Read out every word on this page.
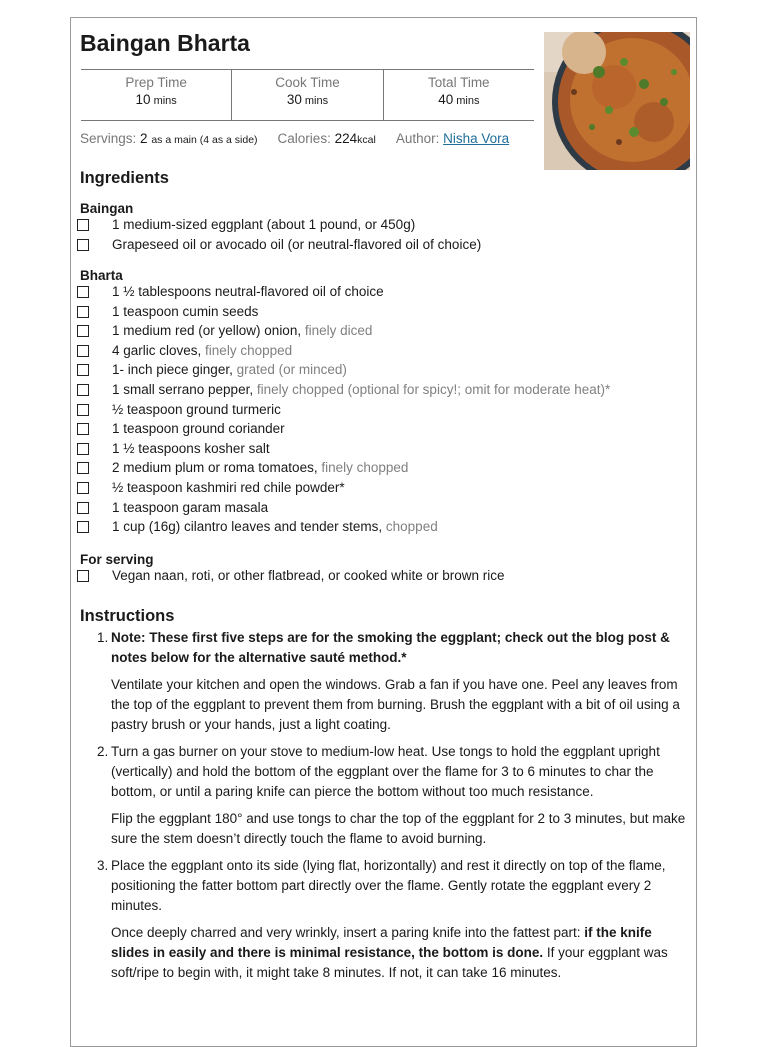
Baingan Bharta
Prep Time
10 mins
Cook Time
30 mins
Total Time
40 mins
Servings: 2 as a main (4 as a side) Calories: 224kcal Author: Nisha Vora
Ingredients
Baingan
1 medium-sized eggplant (about 1 pound, or 450g)
Grapeseed oil or avocado oil (or neutral-flavored oil of choice)
Bharta
1 ½ tablespoons neutral-flavored oil of choice
1 teaspoon cumin seeds
1 medium red (or yellow) onion, finely diced
4 garlic cloves, finely chopped
1- inch piece ginger, grated (or minced)
1 small serrano pepper, finely chopped (optional for spicy!; omit for moderate heat)*
½ teaspoon ground turmeric
1 teaspoon ground coriander
1 ½ teaspoons kosher salt
2 medium plum or roma tomatoes, finely chopped
½ teaspoon kashmiri red chile powder*
1 teaspoon garam masala
1 cup (16g) cilantro leaves and tender stems, chopped
For serving
Vegan naan, roti, or other flatbread, or cooked white or brown rice
Instructions
1. Note: These first five steps are for the smoking the eggplant; check out the blog post & notes below for the alternative sauté method.*

Ventilate your kitchen and open the windows. Grab a fan if you have one. Peel any leaves from the top of the eggplant to prevent them from burning. Brush the eggplant with a bit of oil using a pastry brush or your hands, just a light coating.

2. Turn a gas burner on your stove to medium-low heat. Use tongs to hold the eggplant upright (vertically) and hold the bottom of the eggplant over the flame for 3 to 6 minutes to char the bottom, or until a paring knife can pierce the bottom without too much resistance.

Flip the eggplant 180° and use tongs to char the top of the eggplant for 2 to 3 minutes, but make sure the stem doesn’t directly touch the flame to avoid burning.

3. Place the eggplant onto its side (lying flat, horizontally) and rest it directly on top of the flame, positioning the fatter bottom part directly over the flame. Gently rotate the eggplant every 2 minutes.

Once deeply charred and very wrinkly, insert a paring knife into the fattest part: if the knife slides in easily and there is minimal resistance, the bottom is done. If your eggplant was soft/ripe to begin with, it might take 8 minutes. If not, it can take 16 minutes.
